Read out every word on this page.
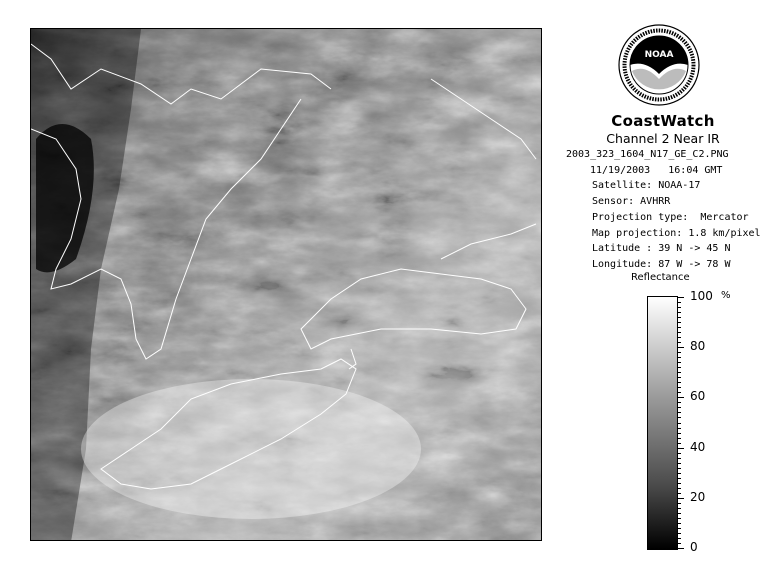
NOAA
CoastWatch
Channel 2 Near IR
2003_323_1604_N17_GE_C2.PNG
11/19/2003   16:04 GMT
Satellite: NOAA-17
Sensor: AVHRR
Projection type:  Mercator
Map projection: 1.8 km/pixel
Latitude : 39 N -> 45 N
Longitude: 87 W -> 78 W
Reflectance
%
100
80
60
40
20
0
